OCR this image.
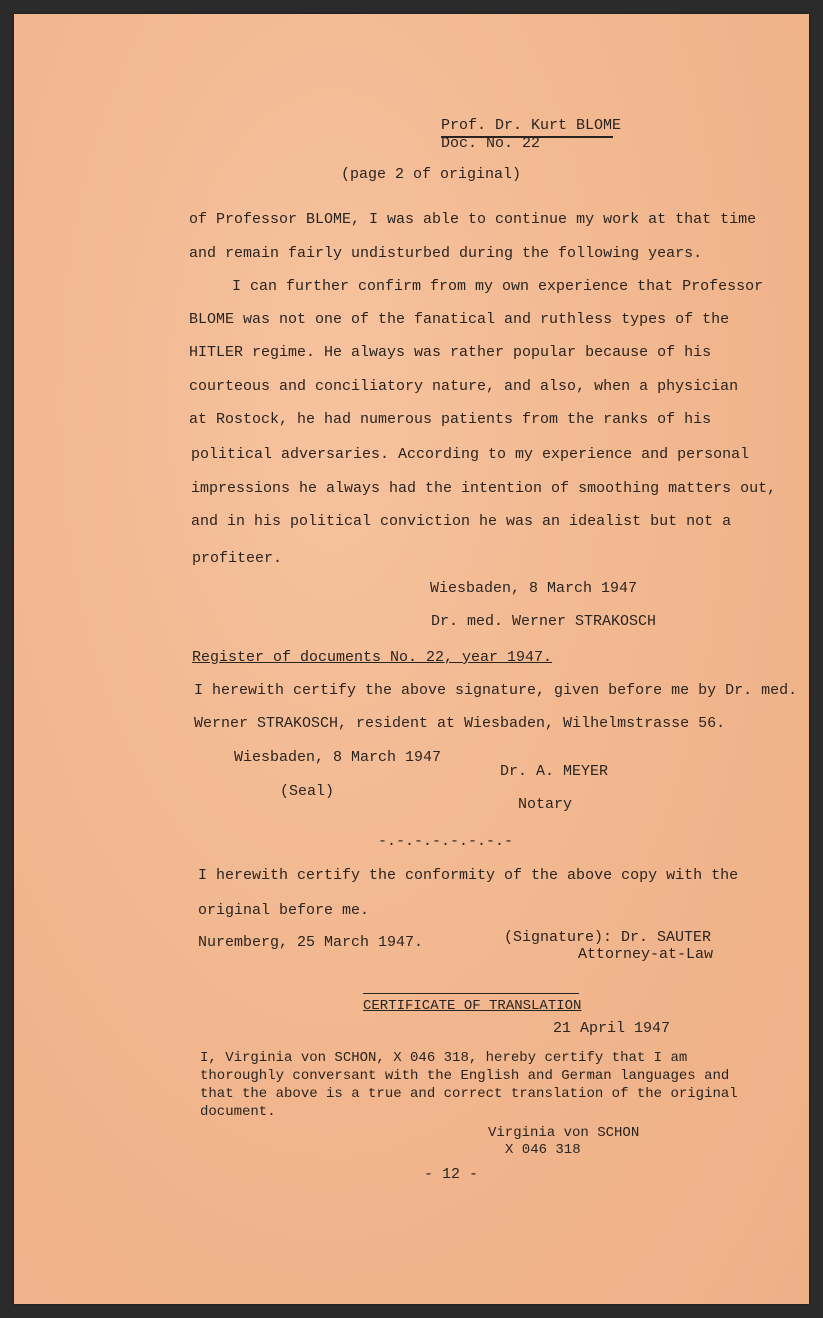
Prof. Dr. Kurt BLOME
Doc. No. 22
(page 2 of original)
of Professor BLOME, I was able to continue my work at that time
and remain fairly undisturbed during the following years.
I can further confirm from my own experience that Professor
BLOME was not one of the fanatical and ruthless types of the
HITLER regime. He always was rather popular because of his
courteous and conciliatory nature, and also, when a physician
at Rostock, he had numerous patients from the ranks of his
political adversaries. According to my experience and personal
impressions he always had the intention of smoothing matters out,
and in his political conviction he was an idealist but not a
profiteer.
Wiesbaden, 8 March 1947
Dr. med. Werner STRAKOSCH
Register of documents No. 22, year 1947.
I herewith certify the above signature, given before me by Dr. med.
Werner STRAKOSCH, resident at Wiesbaden, Wilhelmstrasse 56.
Wiesbaden, 8 March 1947
(Seal)
Dr. A. MEYER
Notary
-.-.-.-.-.-.-.-
I herewith certify the conformity of the above copy with the
original before me.
Nuremberg, 25 March 1947.	(Signature): Dr. SAUTER
Attorney-at-Law
CERTIFICATE OF TRANSLATION
21 April 1947
I, Virginia von SCHON, X 046 318, hereby certify that I am
thoroughly conversant with the English and German languages and
that the above is a true and correct translation of the original
document.
Virginia von SCHON
X 046 318
- 12 -
